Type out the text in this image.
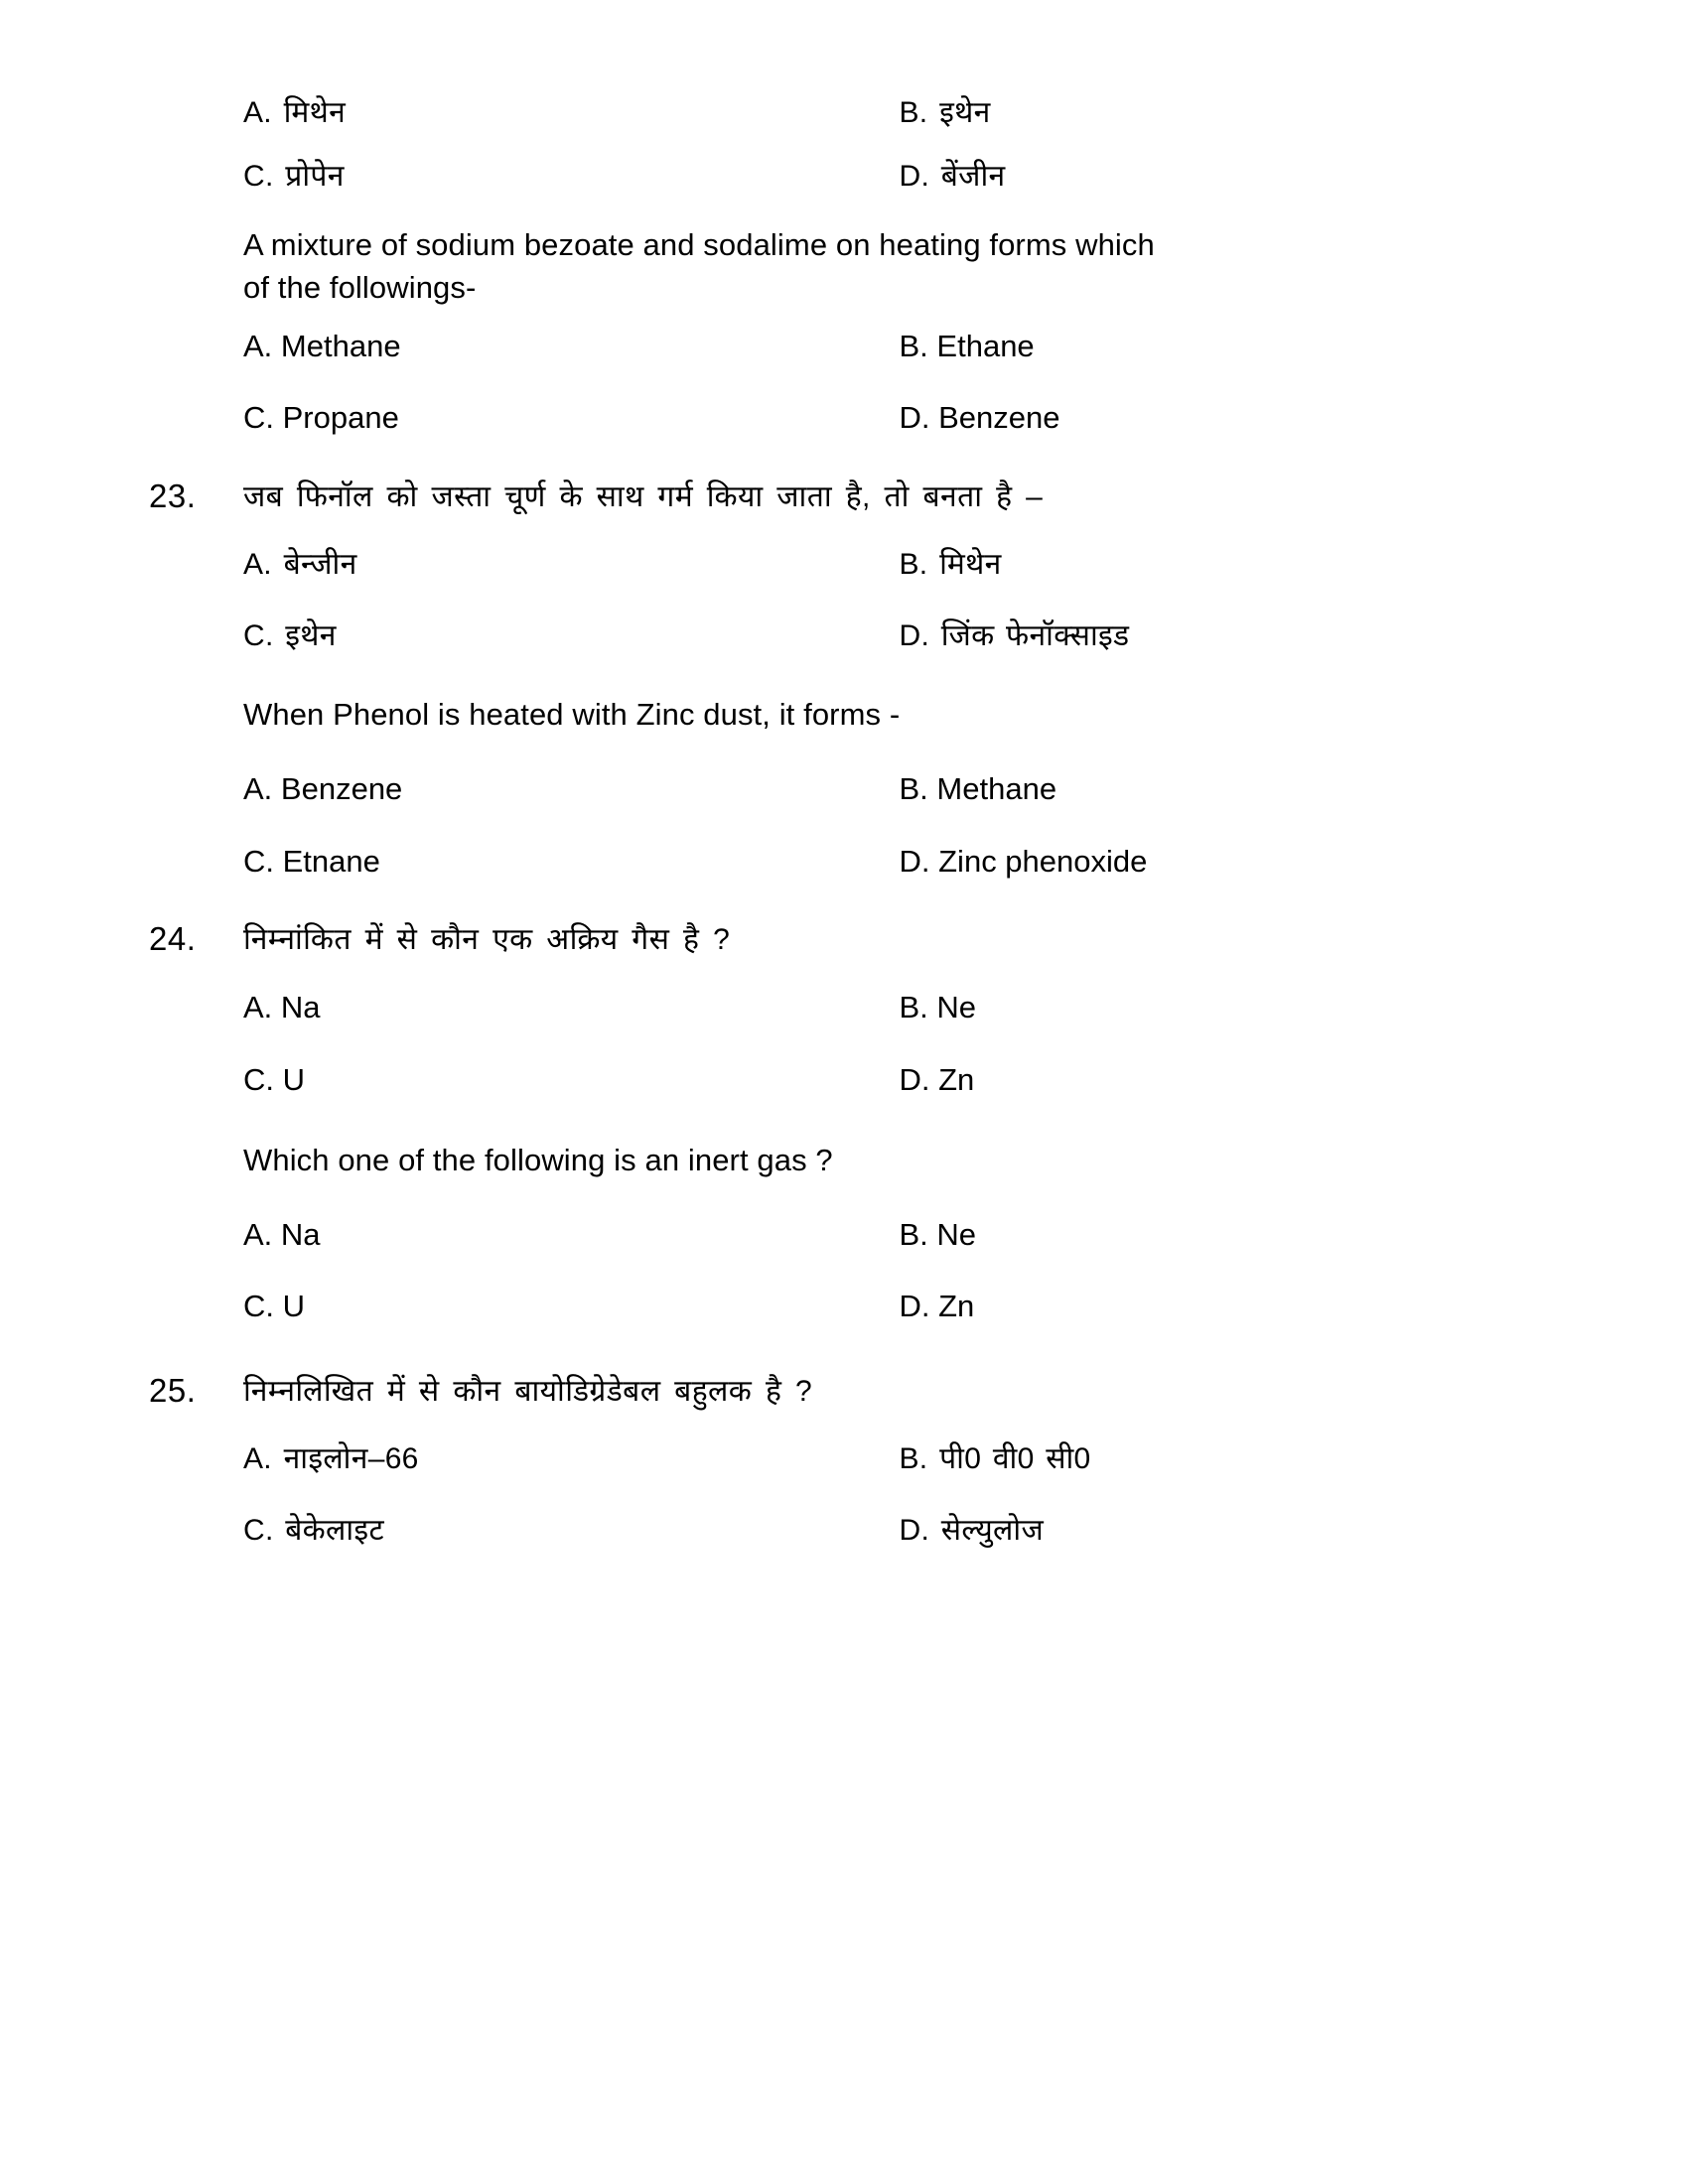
A. मिथेन	B. इथेन
C. प्रोपेन	D. बेंजीन
A mixture of sodium bezoate and sodalime on heating forms which
of the followings-
A. Methane	B. Ethane
C. Propane	D. Benzene
23.	जब फिनॉल को जस्ता चूर्ण के साथ गर्म किया जाता है, तो बनता है –
A. बेन्जीन	B. मिथेन
C. इथेन	D. जिंक फेनॉक्साइड
When Phenol is heated with Zinc dust, it forms -
A. Benzene	B. Methane
C. Etnane	D. Zinc phenoxide
24.	निम्नांकित में से कौन एक अक्रिय गैस है ?
A. Na	B. Ne
C. U	D. Zn
Which one of the following is an inert gas ?
A. Na	B. Ne
C. U	D. Zn
25.	निम्नलिखित में से कौन बायोडिग्रेडेबल बहुलक है ?
A. नाइलोन–66	B. पी0 वी0 सी0
C. बेकेलाइट	D. सेल्युलोज
